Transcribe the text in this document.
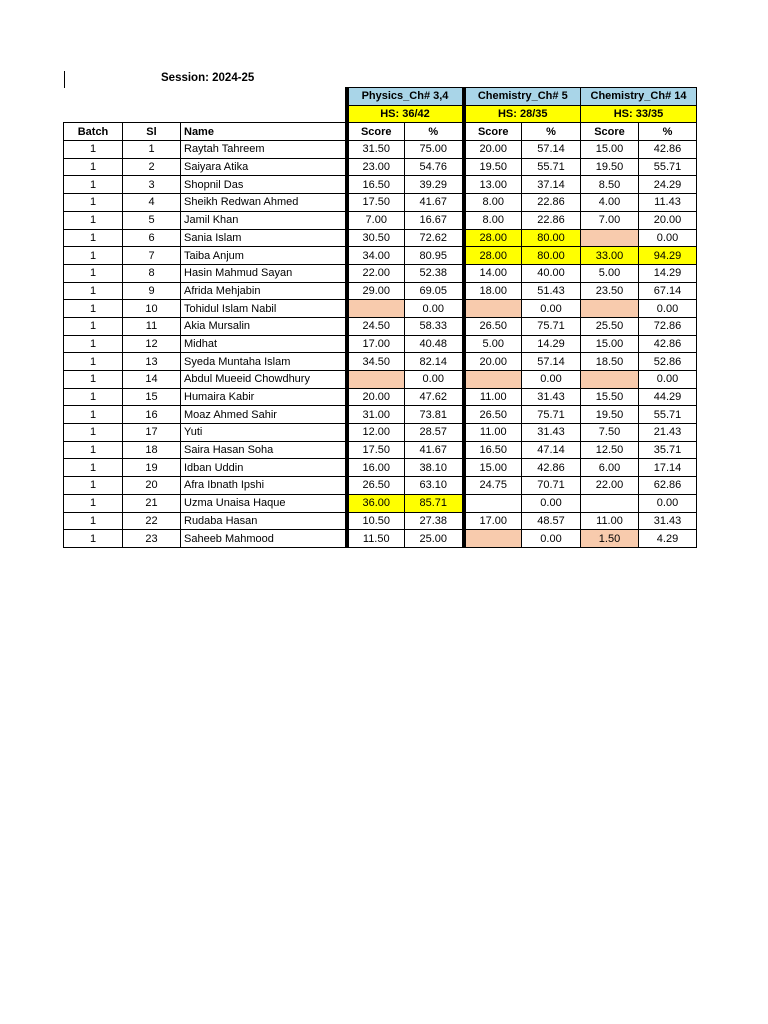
Session: 2024-25
			Physics_Ch# 3,4		Chemistry_Ch# 5		Chemistry_Ch# 14	
			HS: 36/42		HS: 28/35		HS: 33/35	
Batch	Sl	Name	Score	%	Score	%	Score	%
1	1	Raytah Tahreem	31.50	75.00	20.00	57.14	15.00	42.86
1	2	Saiyara Atika	23.00	54.76	19.50	55.71	19.50	55.71
1	3	Shopnil Das	16.50	39.29	13.00	37.14	8.50	24.29
1	4	Sheikh Redwan Ahmed	17.50	41.67	8.00	22.86	4.00	11.43
1	5	Jamil Khan	7.00	16.67	8.00	22.86	7.00	20.00
1	6	Sania Islam	30.50	72.62	28.00	80.00		0.00
1	7	Taiba Anjum	34.00	80.95	28.00	80.00	33.00	94.29
1	8	Hasin Mahmud Sayan	22.00	52.38	14.00	40.00	5.00	14.29
1	9	Afrida Mehjabin	29.00	69.05	18.00	51.43	23.50	67.14
1	10	Tohidul Islam Nabil		0.00		0.00		0.00
1	11	Akia Mursalin	24.50	58.33	26.50	75.71	25.50	72.86
1	12	Midhat	17.00	40.48	5.00	14.29	15.00	42.86
1	13	Syeda Muntaha Islam	34.50	82.14	20.00	57.14	18.50	52.86
1	14	Abdul Mueeid Chowdhury		0.00		0.00		0.00
1	15	Humaira Kabir	20.00	47.62	11.00	31.43	15.50	44.29
1	16	Moaz Ahmed Sahir	31.00	73.81	26.50	75.71	19.50	55.71
1	17	Yuti	12.00	28.57	11.00	31.43	7.50	21.43
1	18	Saira Hasan Soha	17.50	41.67	16.50	47.14	12.50	35.71
1	19	Idban Uddin	16.00	38.10	15.00	42.86	6.00	17.14
1	20	Afra Ibnath Ipshi	26.50	63.10	24.75	70.71	22.00	62.86
1	21	Uzma Unaisa Haque	36.00	85.71		0.00		0.00
1	22	Rudaba Hasan	10.50	27.38	17.00	48.57	11.00	31.43
1	23	Saheeb Mahmood	11.50	25.00		0.00	1.50	4.29
